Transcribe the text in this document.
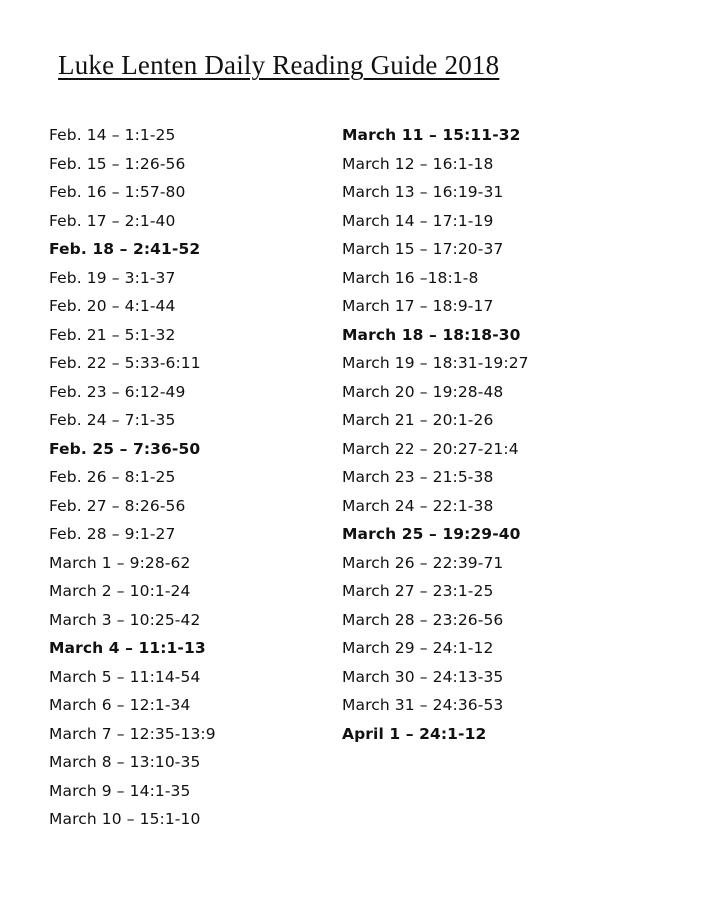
Luke Lenten Daily Reading Guide 2018
Feb. 14 – 1:1-25
Feb. 15 – 1:26-56
Feb. 16 – 1:57-80
Feb. 17 – 2:1-40
Feb. 18 – 2:41-52
Feb. 19 – 3:1-37
Feb. 20 – 4:1-44
Feb. 21 – 5:1-32
Feb. 22 – 5:33-6:11
Feb. 23 – 6:12-49
Feb. 24 – 7:1-35
Feb. 25 – 7:36-50
Feb. 26 – 8:1-25
Feb. 27 – 8:26-56
Feb. 28 – 9:1-27
March 1 – 9:28-62
March 2 – 10:1-24
March 3 – 10:25-42
March 4 – 11:1-13
March 5 – 11:14-54
March 6 – 12:1-34
March 7 – 12:35-13:9
March 8 – 13:10-35
March 9 – 14:1-35
March 10 – 15:1-10
March 11 – 15:11-32
March 12 – 16:1-18
March 13 – 16:19-31
March 14 – 17:1-19
March 15 – 17:20-37
March 16 –18:1-8
March 17 – 18:9-17
March 18 – 18:18-30
March 19 – 18:31-19:27
March 20 – 19:28-48
March 21 – 20:1-26
March 22 – 20:27-21:4
March 23 – 21:5-38
March 24 – 22:1-38
March 25 – 19:29-40
March 26 – 22:39-71
March 27 – 23:1-25
March 28 – 23:26-56
March 29 – 24:1-12
March 30 – 24:13-35
March 31 – 24:36-53
April 1 – 24:1-12
